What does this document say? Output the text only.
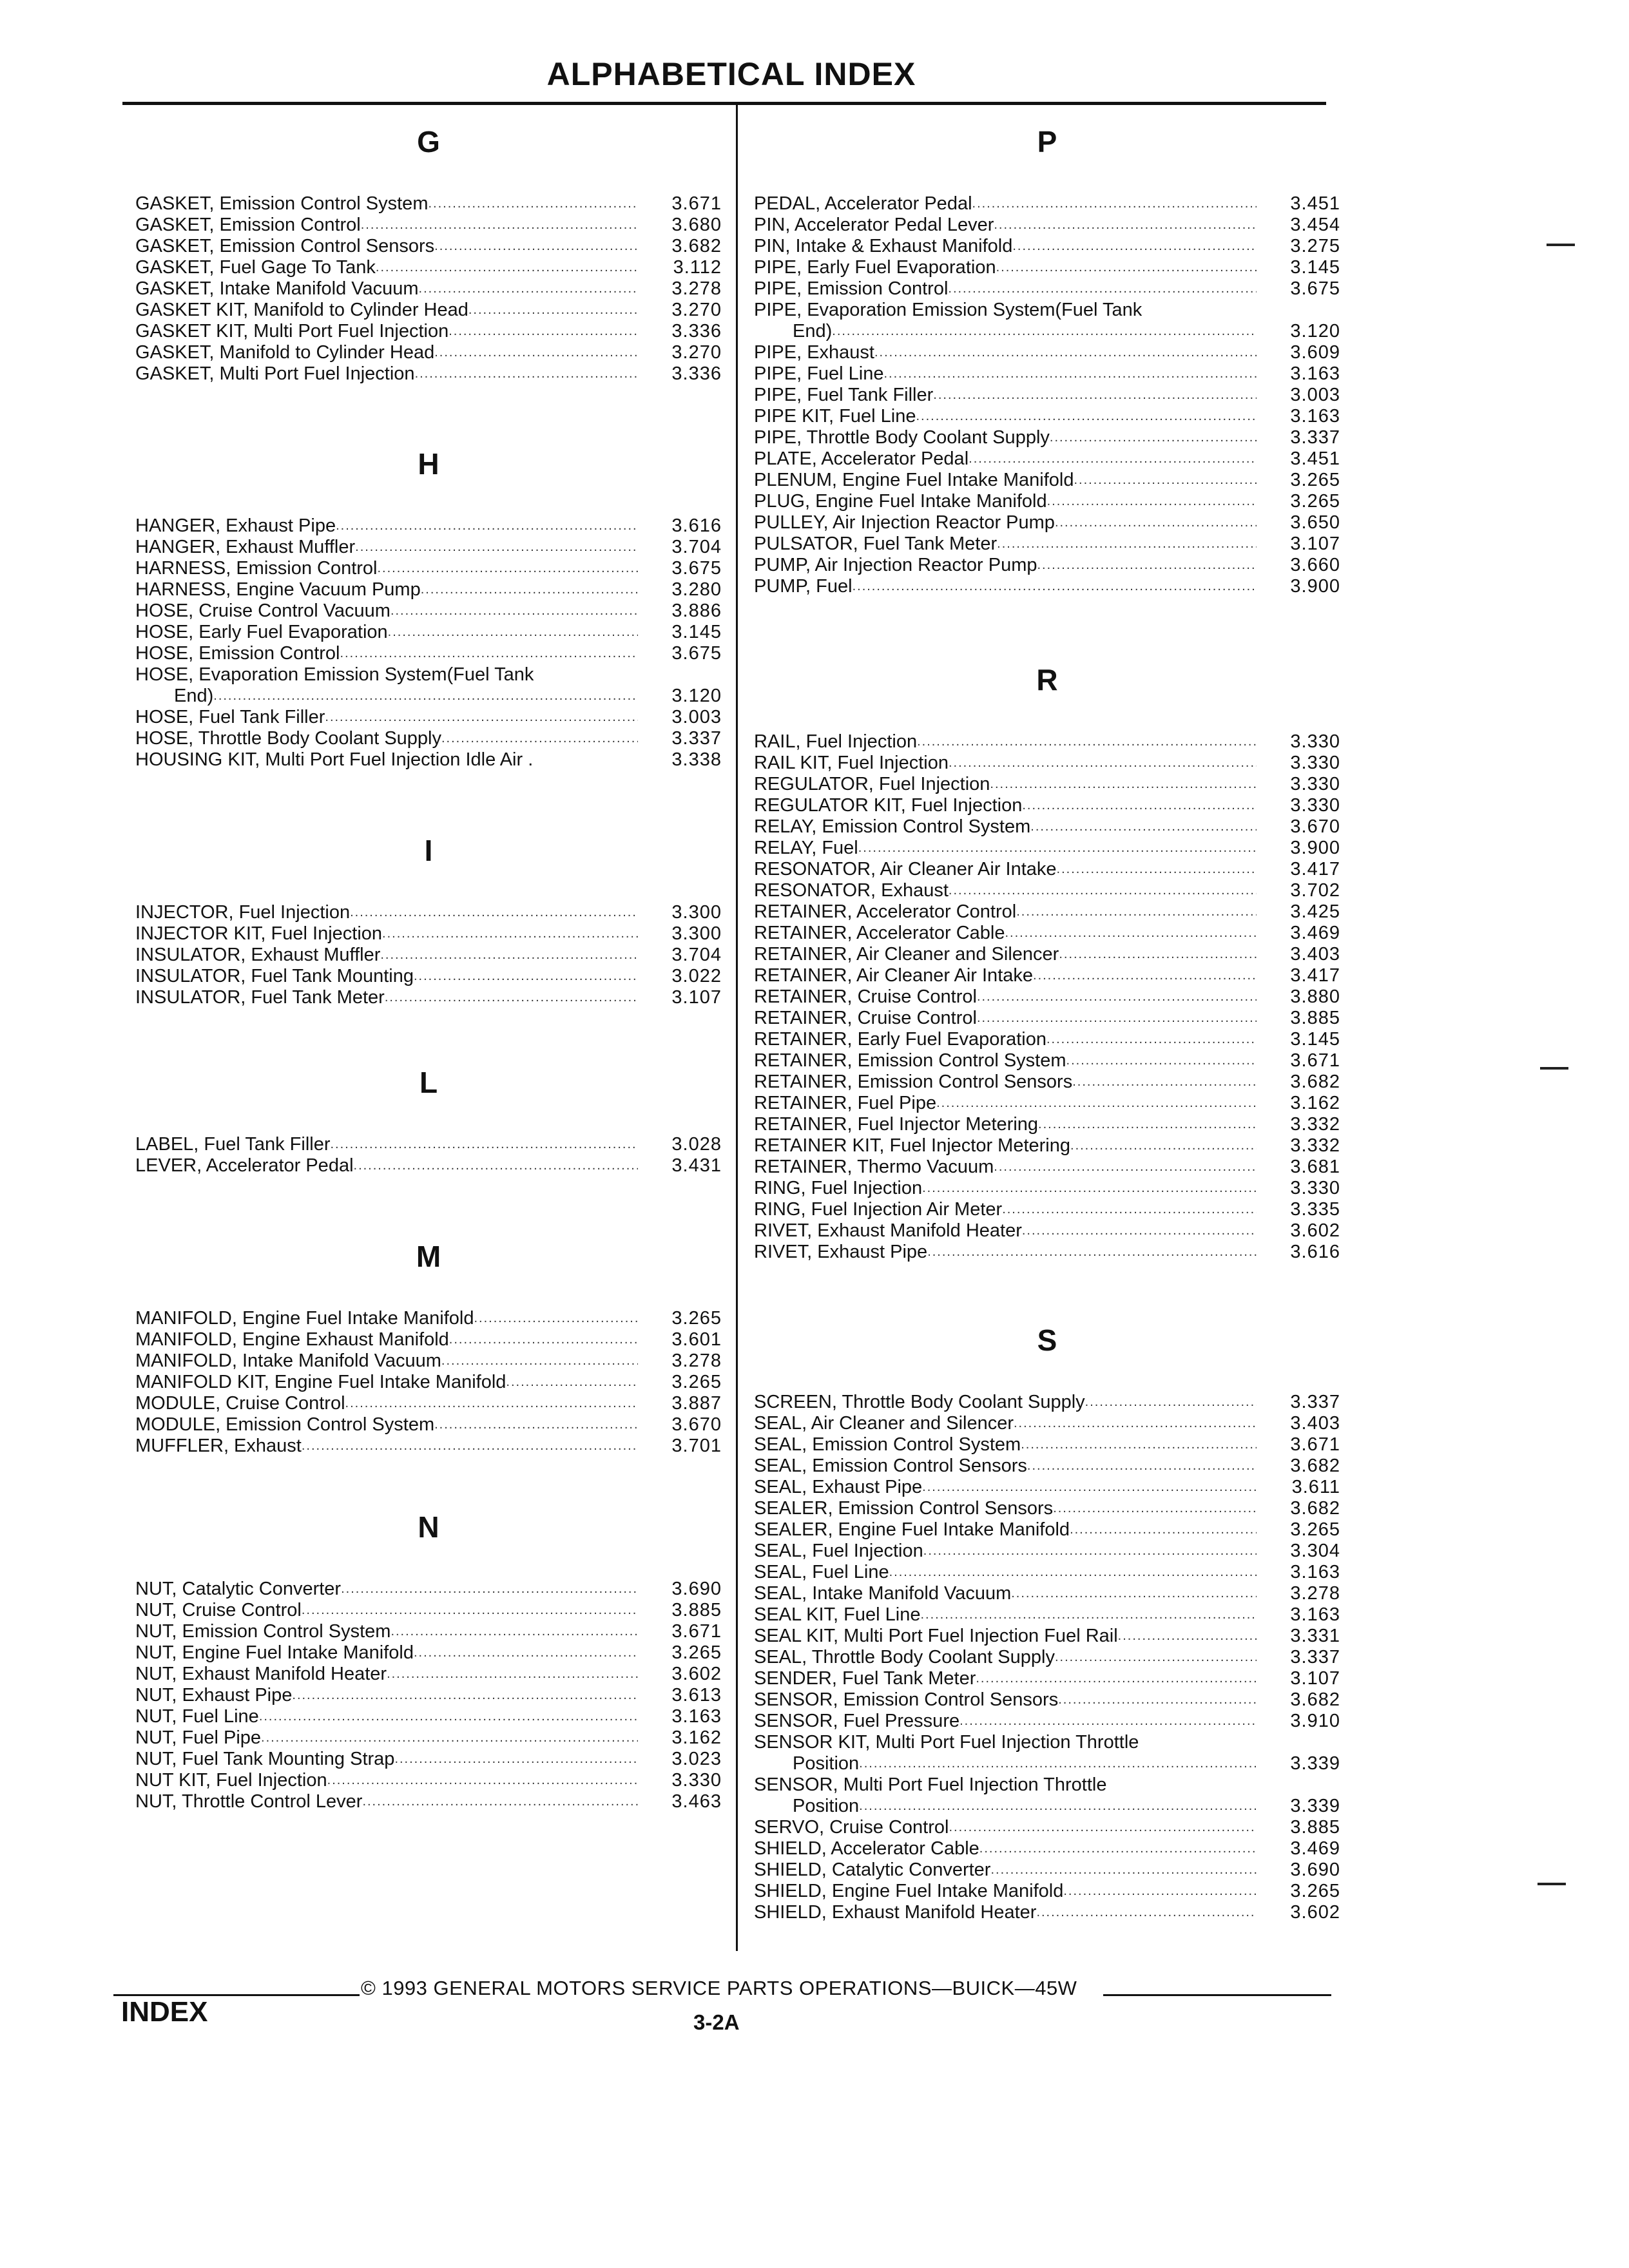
ALPHABETICAL INDEX
G
GASKET, Emission Control System .....	3.671
GASKET, Emission Control .....	3.680
GASKET, Emission Control Sensors .....	3.682
GASKET, Fuel Gage To Tank .....	3.112
GASKET, Intake Manifold Vacuum .....	3.278
GASKET KIT, Manifold to Cylinder Head .....	3.270
GASKET KIT, Multi Port Fuel Injection .....	3.336
GASKET, Manifold to Cylinder Head .....	3.270
GASKET, Multi Port Fuel Injection .....	3.336
H
HANGER, Exhaust Pipe .....	3.616
HANGER, Exhaust Muffler .....	3.704
HARNESS, Emission Control .....	3.675
HARNESS, Engine Vacuum Pump .....	3.280
HOSE, Cruise Control Vacuum .....	3.886
HOSE, Early Fuel Evaporation .....	3.145
HOSE, Emission Control .....	3.675
HOSE, Evaporation Emission System(Fuel Tank
End) .....	3.120
HOSE, Fuel Tank Filler .....	3.003
HOSE, Throttle Body Coolant Supply .....	3.337
HOUSING KIT, Multi Port Fuel Injection Idle Air .	3.338
I
INJECTOR, Fuel Injection .....	3.300
INJECTOR KIT, Fuel Injection .....	3.300
INSULATOR, Exhaust Muffler .....	3.704
INSULATOR, Fuel Tank Mounting .....	3.022
INSULATOR, Fuel Tank Meter .....	3.107
L
LABEL, Fuel Tank Filler .....	3.028
LEVER, Accelerator Pedal .....	3.431
M
MANIFOLD, Engine Fuel Intake Manifold .....	3.265
MANIFOLD, Engine Exhaust Manifold .....	3.601
MANIFOLD, Intake Manifold Vacuum .....	3.278
MANIFOLD KIT, Engine Fuel Intake Manifold .....	3.265
MODULE, Cruise Control .....	3.887
MODULE, Emission Control System .....	3.670
MUFFLER, Exhaust .....	3.701
N
NUT, Catalytic Converter .....	3.690
NUT, Cruise Control .....	3.885
NUT, Emission Control System .....	3.671
NUT, Engine Fuel Intake Manifold .....	3.265
NUT, Exhaust Manifold Heater .....	3.602
NUT, Exhaust Pipe .....	3.613
NUT, Fuel Line .....	3.163
NUT, Fuel Pipe .....	3.162
NUT, Fuel Tank Mounting Strap .....	3.023
NUT KIT, Fuel Injection .....	3.330
NUT, Throttle Control Lever .....	3.463
P
PEDAL, Accelerator Pedal .....	3.451
PIN, Accelerator Pedal Lever .....	3.454
PIN, Intake & Exhaust Manifold .....	3.275
PIPE, Early Fuel Evaporation .....	3.145
PIPE, Emission Control .....	3.675
PIPE, Evaporation Emission System(Fuel Tank
End) .....	3.120
PIPE, Exhaust .....	3.609
PIPE, Fuel Line .....	3.163
PIPE, Fuel Tank Filler .....	3.003
PIPE KIT, Fuel Line .....	3.163
PIPE, Throttle Body Coolant Supply .....	3.337
PLATE, Accelerator Pedal .....	3.451
PLENUM, Engine Fuel Intake Manifold .....	3.265
PLUG, Engine Fuel Intake Manifold .....	3.265
PULLEY, Air Injection Reactor Pump .....	3.650
PULSATOR, Fuel Tank Meter .....	3.107
PUMP, Air Injection Reactor Pump .....	3.660
PUMP, Fuel .....	3.900
R
RAIL, Fuel Injection .....	3.330
RAIL KIT, Fuel Injection .....	3.330
REGULATOR, Fuel Injection .....	3.330
REGULATOR KIT, Fuel Injection .....	3.330
RELAY, Emission Control System .....	3.670
RELAY, Fuel .....	3.900
RESONATOR, Air Cleaner Air Intake .....	3.417
RESONATOR, Exhaust .....	3.702
RETAINER, Accelerator Control .....	3.425
RETAINER, Accelerator Cable .....	3.469
RETAINER, Air Cleaner and Silencer .....	3.403
RETAINER, Air Cleaner Air Intake .....	3.417
RETAINER, Cruise Control .....	3.880
RETAINER, Cruise Control .....	3.885
RETAINER, Early Fuel Evaporation .....	3.145
RETAINER, Emission Control System .....	3.671
RETAINER, Emission Control Sensors .....	3.682
RETAINER, Fuel Pipe .....	3.162
RETAINER, Fuel Injector Metering .....	3.332
RETAINER KIT, Fuel Injector Metering .....	3.332
RETAINER, Thermo Vacuum .....	3.681
RING, Fuel Injection .....	3.330
RING, Fuel Injection Air Meter .....	3.335
RIVET, Exhaust Manifold Heater .....	3.602
RIVET, Exhaust Pipe .....	3.616
S
SCREEN, Throttle Body Coolant Supply .....	3.337
SEAL, Air Cleaner and Silencer .....	3.403
SEAL, Emission Control System .....	3.671
SEAL, Emission Control Sensors .....	3.682
SEAL, Exhaust Pipe .....	3.611
SEALER, Emission Control Sensors .....	3.682
SEALER, Engine Fuel Intake Manifold .....	3.265
SEAL, Fuel Injection .....	3.304
SEAL, Fuel Line .....	3.163
SEAL, Intake Manifold Vacuum .....	3.278
SEAL KIT, Fuel Line .....	3.163
SEAL KIT, Multi Port Fuel Injection Fuel Rail .....	3.331
SEAL, Throttle Body Coolant Supply .....	3.337
SENDER, Fuel Tank Meter .....	3.107
SENSOR, Emission Control Sensors .....	3.682
SENSOR, Fuel Pressure .....	3.910
SENSOR KIT, Multi Port Fuel Injection Throttle
Position .....	3.339
SENSOR, Multi Port Fuel Injection Throttle
Position .....	3.339
SERVO, Cruise Control .....	3.885
SHIELD, Accelerator Cable .....	3.469
SHIELD, Catalytic Converter .....	3.690
SHIELD, Engine Fuel Intake Manifold .....	3.265
SHIELD, Exhaust Manifold Heater .....	3.602
© 1993 GENERAL MOTORS SERVICE PARTS OPERATIONS—BUICK—45W
INDEX	3-2A
